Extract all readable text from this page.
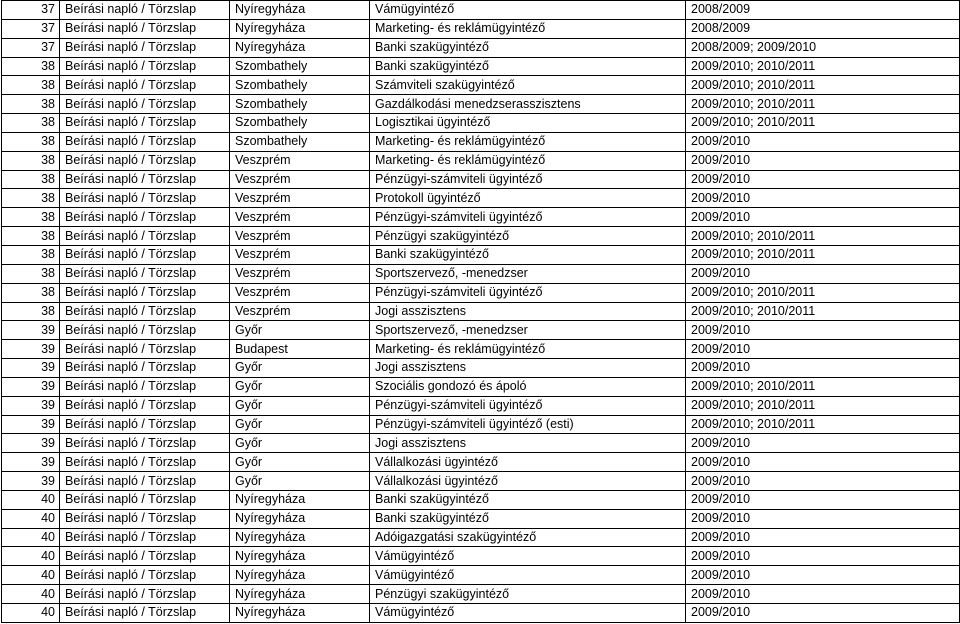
37	Beírási napló / Törzslap	Nyíregyháza	Vámügyintéző	2008/2009
37	Beírási napló / Törzslap	Nyíregyháza	Marketing- és reklámügyintéző	2008/2009
37	Beírási napló / Törzslap	Nyíregyháza	Banki szakügyintéző	2008/2009; 2009/2010
38	Beírási napló / Törzslap	Szombathely	Banki szakügyintéző	2009/2010; 2010/2011
38	Beírási napló / Törzslap	Szombathely	Számviteli szakügyintéző	2009/2010; 2010/2011
38	Beírási napló / Törzslap	Szombathely	Gazdálkodási menedzserasszisztens	2009/2010; 2010/2011
38	Beírási napló / Törzslap	Szombathely	Logisztikai ügyintéző	2009/2010; 2010/2011
38	Beírási napló / Törzslap	Szombathely	Marketing- és reklámügyintéző	2009/2010
38	Beírási napló / Törzslap	Veszprém	Marketing- és reklámügyintéző	2009/2010
38	Beírási napló / Törzslap	Veszprém	Pénzügyi-számviteli ügyintéző	2009/2010
38	Beírási napló / Törzslap	Veszprém	Protokoll ügyintéző	2009/2010
38	Beírási napló / Törzslap	Veszprém	Pénzügyi-számviteli ügyintéző	2009/2010
38	Beírási napló / Törzslap	Veszprém	Pénzügyi szakügyintéző	2009/2010; 2010/2011
38	Beírási napló / Törzslap	Veszprém	Banki szakügyintéző	2009/2010; 2010/2011
38	Beírási napló / Törzslap	Veszprém	Sportszervező, -menedzser	2009/2010
38	Beírási napló / Törzslap	Veszprém	Pénzügyi-számviteli ügyintéző	2009/2010; 2010/2011
38	Beírási napló / Törzslap	Veszprém	Jogi asszisztens	2009/2010; 2010/2011
39	Beírási napló / Törzslap	Győr	Sportszervező, -menedzser	2009/2010
39	Beírási napló / Törzslap	Budapest	Marketing- és reklámügyintéző	2009/2010
39	Beírási napló / Törzslap	Győr	Jogi asszisztens	2009/2010
39	Beírási napló / Törzslap	Győr	Szociális gondozó és ápoló	2009/2010; 2010/2011
39	Beírási napló / Törzslap	Győr	Pénzügyi-számviteli ügyintéző	2009/2010; 2010/2011
39	Beírási napló / Törzslap	Győr	Pénzügyi-számviteli ügyintéző (esti)	2009/2010; 2010/2011
39	Beírási napló / Törzslap	Győr	Jogi asszisztens	2009/2010
39	Beírási napló / Törzslap	Győr	Vállalkozási ügyintéző	2009/2010
39	Beírási napló / Törzslap	Győr	Vállalkozási ügyintéző	2009/2010
40	Beírási napló / Törzslap	Nyíregyháza	Banki szakügyintéző	2009/2010
40	Beírási napló / Törzslap	Nyíregyháza	Banki szakügyintéző	2009/2010
40	Beírási napló / Törzslap	Nyíregyháza	Adóigazgatási szakügyintéző	2009/2010
40	Beírási napló / Törzslap	Nyíregyháza	Vámügyintéző	2009/2010
40	Beírási napló / Törzslap	Nyíregyháza	Vámügyintéző	2009/2010
40	Beírási napló / Törzslap	Nyíregyháza	Pénzügyi szakügyintéző	2009/2010
40	Beírási napló / Törzslap	Nyíregyháza	Vámügyintéző	2009/2010
